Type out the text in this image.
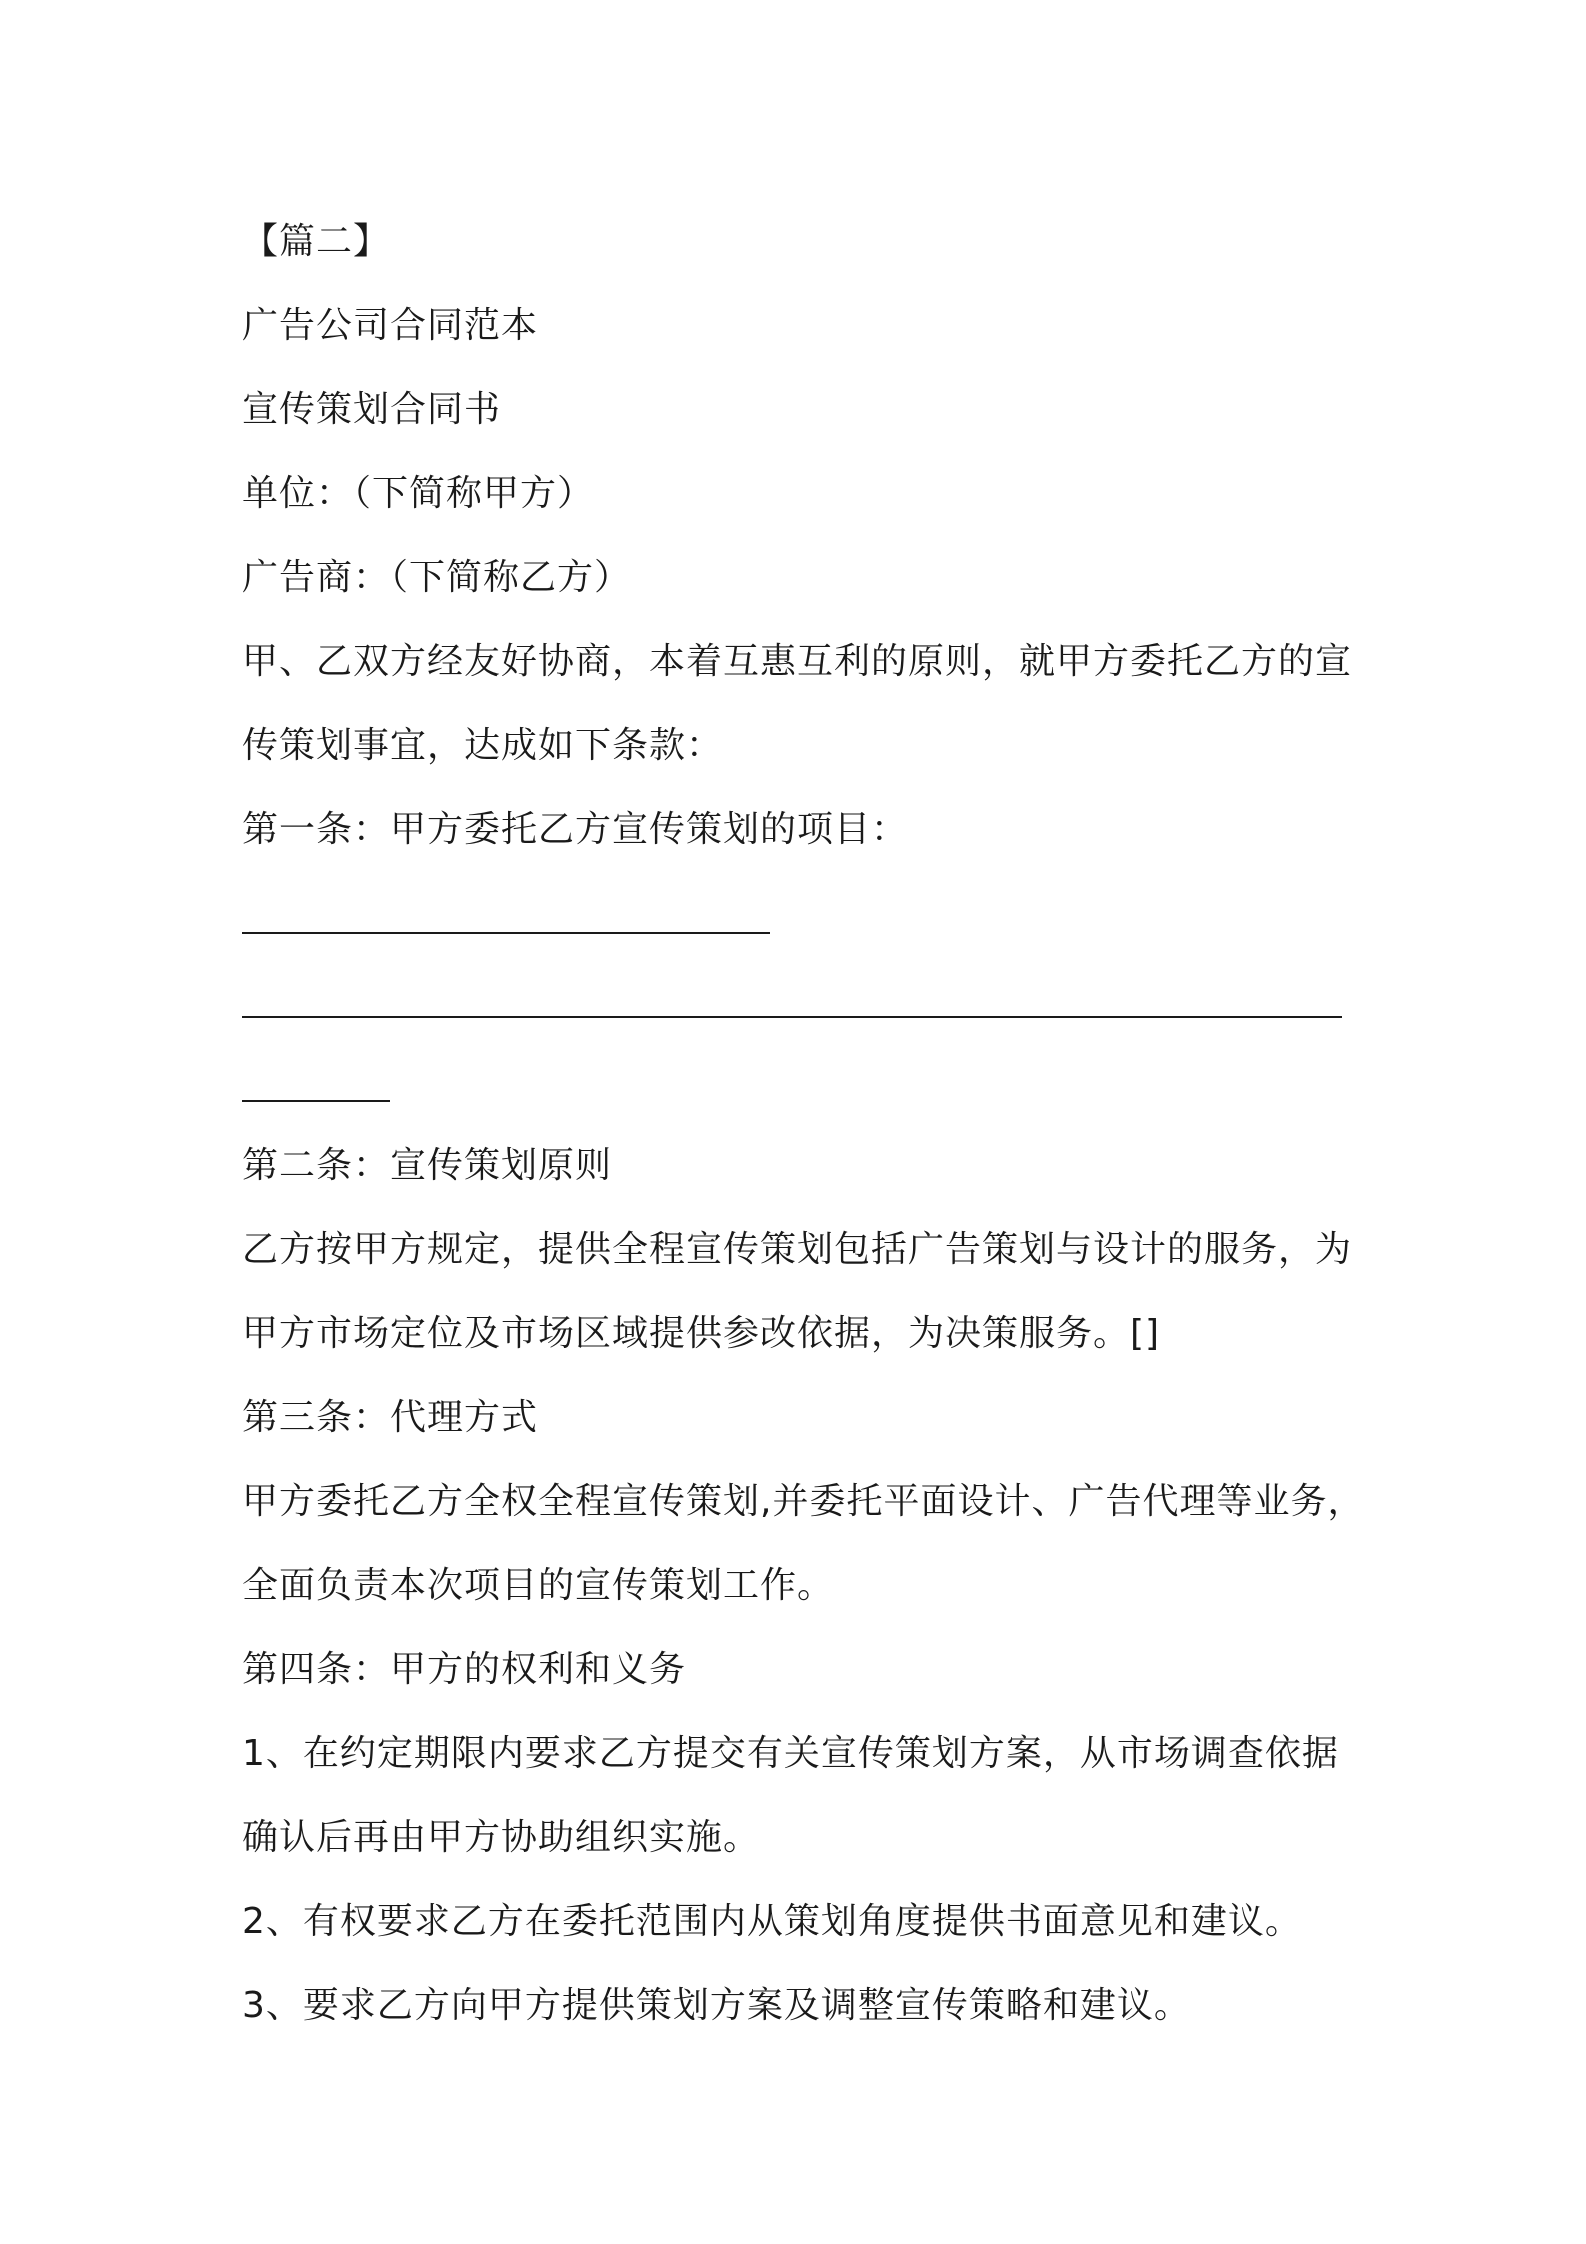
【篇二】
广告公司合同范本
宣传策划合同书
单位：（下简称甲方）
广告商：（下简称乙方）
甲、乙双方经友好协商，本着互惠互利的原则，就甲方委托乙方的宣
传策划事宜，达成如下条款：
第一条：甲方委托乙方宣传策划的项目：
第二条：宣传策划原则
乙方按甲方规定，提供全程宣传策划包括广告策划与设计的服务，为
甲方市场定位及市场区域提供参改依据，为决策服务。[]
第三条：代理方式
甲方委托乙方全权全程宣传策划,并委托平面设计、广告代理等业务，
全面负责本次项目的宣传策划工作。
第四条：甲方的权利和义务
1、在约定期限内要求乙方提交有关宣传策划方案，从市场调查依据
确认后再由甲方协助组织实施。
2、有权要求乙方在委托范围内从策划角度提供书面意见和建议。
3、要求乙方向甲方提供策划方案及调整宣传策略和建议。
